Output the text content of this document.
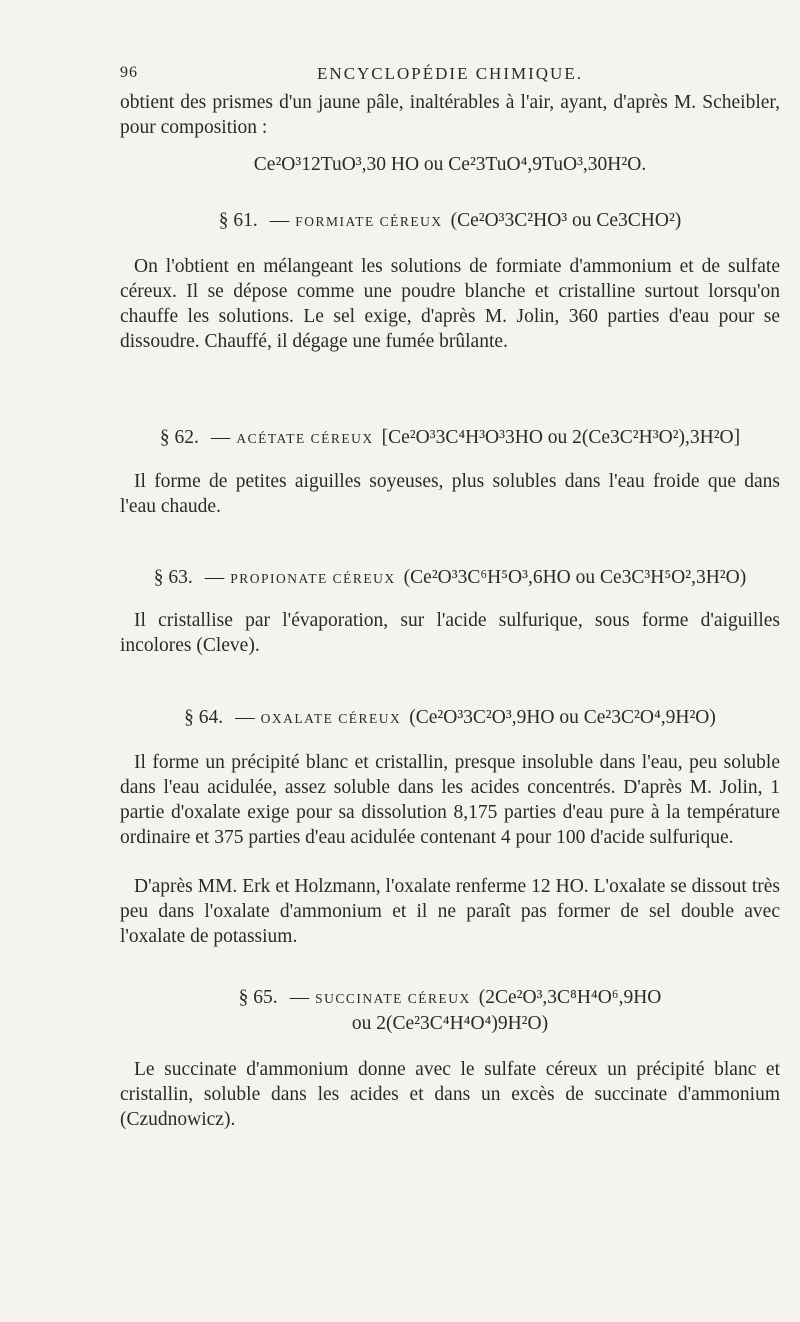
96	ENCYCLOPÉDIE CHIMIQUE.
obtient des prismes d'un jaune pâle, inaltérables à l'air, ayant, d'après M. Scheibler, pour composition :
Ce²O³12TuO³,30 HO ou Ce²3TuO⁴,9TuO³,30H²O.
§ 61. — FORMIATE CÉREUX (Ce²O³3C²HO³ ou Ce3CHO²)
On l'obtient en mélangeant les solutions de formiate d'ammonium et de sulfate céreux. Il se dépose comme une poudre blanche et cristalline surtout lorsqu'on chauffe les solutions. Le sel exige, d'après M. Jolin, 360 parties d'eau pour se dissoudre. Chauffé, il dégage une fumée brûlante.
§ 62. — ACÉTATE CÉREUX [Ce²O³3C⁴H³O³3HO ou 2(Ce3C²H³O²),3H²O]
Il forme de petites aiguilles soyeuses, plus solubles dans l'eau froide que dans l'eau chaude.
§ 63. — PROPIONATE CÉREUX (Ce²O³3C⁶H⁵O³,6HO ou Ce3C³H⁵O²,3H²O)
Il cristallise par l'évaporation, sur l'acide sulfurique, sous forme d'aiguilles incolores (Cleve).
§ 64. — OXALATE CÉREUX (Ce²O³3C²O³,9HO ou Ce²3C²O⁴,9H²O)
Il forme un précipité blanc et cristallin, presque insoluble dans l'eau, peu soluble dans l'eau acidulée, assez soluble dans les acides concentrés. D'après M. Jolin, 1 partie d'oxalate exige pour sa dissolution 8,175 parties d'eau pure à la température ordinaire et 375 parties d'eau acidulée contenant 4 pour 100 d'acide sulfurique.
D'après MM. Erk et Holzmann, l'oxalate renferme 12 HO. L'oxalate se dissout très peu dans l'oxalate d'ammonium et il ne paraît pas former de sel double avec l'oxalate de potassium.
§ 65. — SUCCINATE CÉREUX (2Ce²O³,3C⁸H⁴O⁶,9HO
ou 2(Ce²3C⁴H⁴O⁴)9H²O)
Le succinate d'ammonium donne avec le sulfate céreux un précipité blanc et cristallin, soluble dans les acides et dans un excès de succinate d'ammonium (Czudnowicz).
